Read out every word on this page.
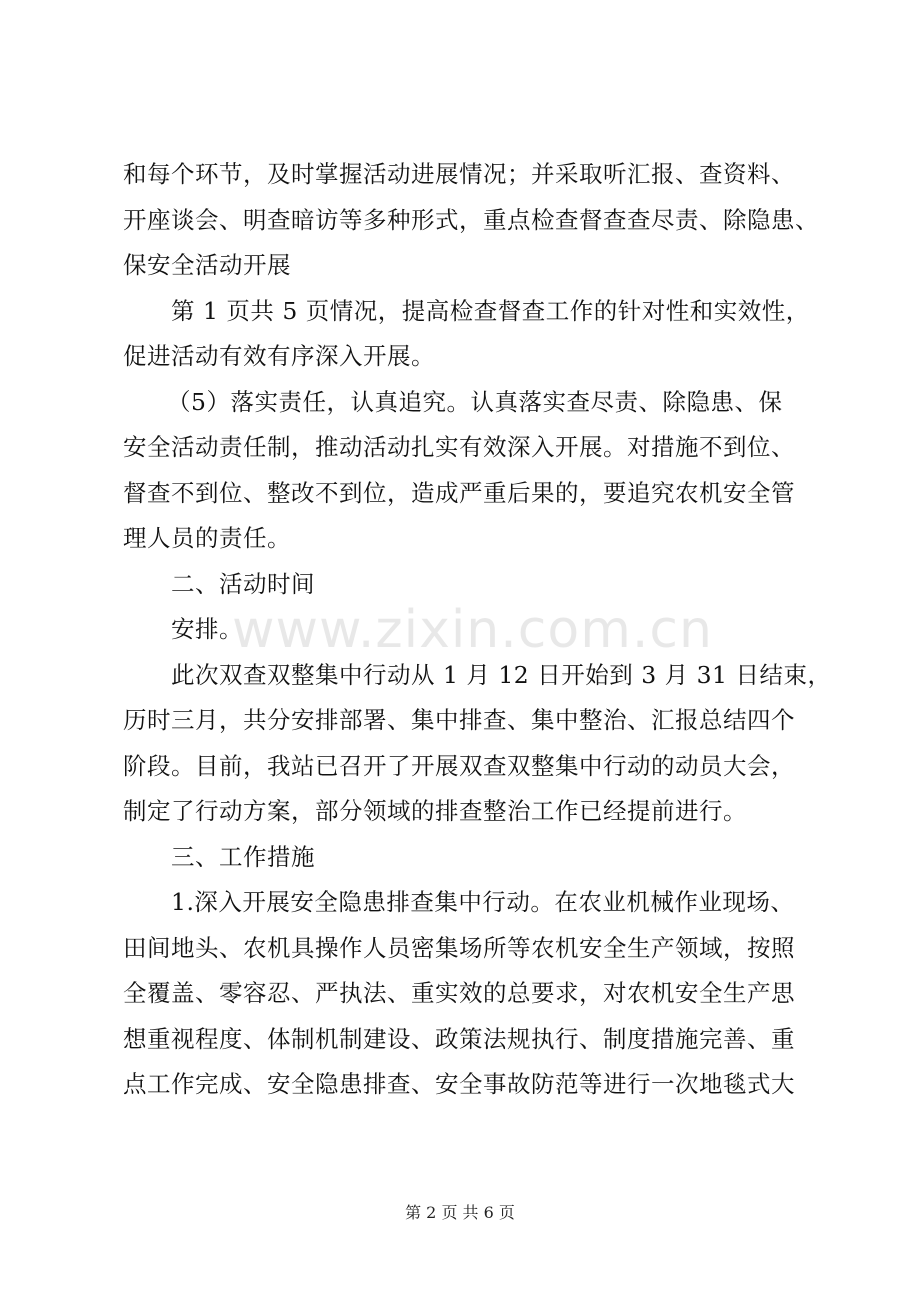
和每个环节，及时掌握活动进展情况；并采取听汇报、查资料、
开座谈会、明查暗访等多种形式，重点检查督查查尽责、除隐患、
保安全活动开展
第 1 页共 5 页情况，提高检查督查工作的针对性和实效性，
促进活动有效有序深入开展。
（5）落实责任，认真追究。认真落实查尽责、除隐患、保
安全活动责任制，推动活动扎实有效深入开展。对措施不到位、
督查不到位、整改不到位，造成严重后果的，要追究农机安全管
理人员的责任。
二、活动时间
安排。
此次双查双整集中行动从 1 月 12 日开始到 3 月 31 日结束，
历时三月，共分安排部署、集中排查、集中整治、汇报总结四个
阶段。目前，我站已召开了开展双查双整集中行动的动员大会，
制定了行动方案，部分领域的排查整治工作已经提前进行。
三、工作措施
1.深入开展安全隐患排查集中行动。在农业机械作业现场、
田间地头、农机具操作人员密集场所等农机安全生产领域，按照
全覆盖、零容忍、严执法、重实效的总要求，对农机安全生产思
想重视程度、体制机制建设、政策法规执行、制度措施完善、重
点工作完成、安全隐患排查、安全事故防范等进行一次地毯式大
www.zixin.com.cn
第 2 页 共 6 页
